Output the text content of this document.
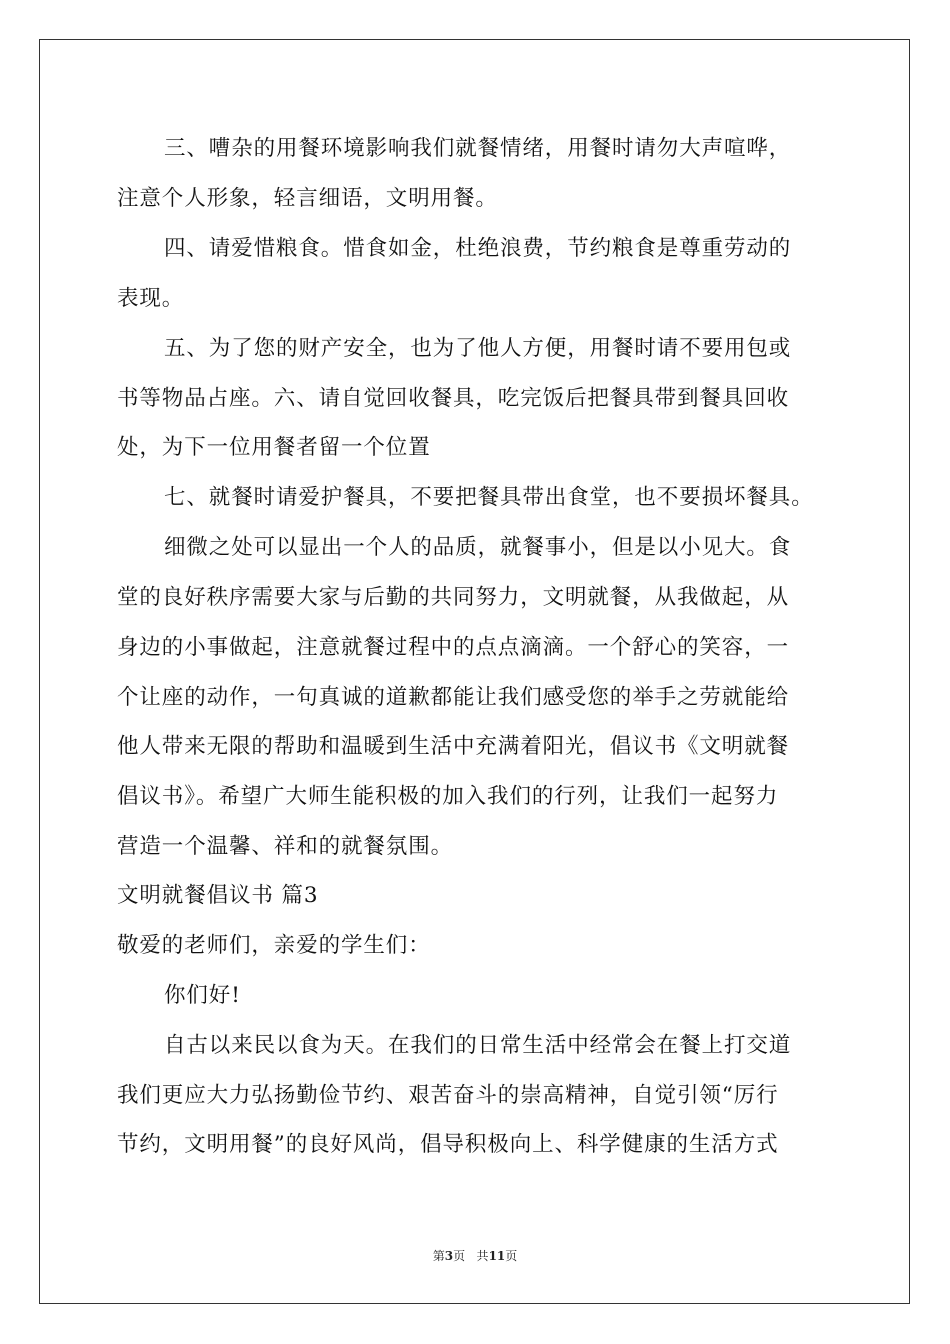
三、嘈杂的用餐环境影响我们就餐情绪，用餐时请勿大声喧哗，
注意个人形象，轻言细语，文明用餐。
四、请爱惜粮食。惜食如金，杜绝浪费，节约粮食是尊重劳动的
表现。
五、为了您的财产安全，也为了他人方便，用餐时请不要用包或
书等物品占座。六、请自觉回收餐具，吃完饭后把餐具带到餐具回收
处，为下一位用餐者留一个位置
七、就餐时请爱护餐具，不要把餐具带出食堂，也不要损坏餐具。
细微之处可以显出一个人的品质，就餐事小，但是以小见大。食
堂的良好秩序需要大家与后勤的共同努力，文明就餐，从我做起，从
身边的小事做起，注意就餐过程中的点点滴滴。一个舒心的笑容，一
个让座的动作，一句真诚的道歉都能让我们感受您的举手之劳就能给
他人带来无限的帮助和温暖到生活中充满着阳光，倡议书《文明就餐
倡议书》。希望广大师生能积极的加入我们的行列，让我们一起努力
营造一个温馨、祥和的就餐氛围。
文明就餐倡议书 篇3
敬爱的老师们，亲爱的学生们：
你们好!
自古以来民以食为天。在我们的日常生活中经常会在餐上打交道
我们更应大力弘扬勤俭节约、艰苦奋斗的崇高精神，自觉引领“厉行
节约，文明用餐”的良好风尚，倡导积极向上、科学健康的生活方式
第3页 共11页
